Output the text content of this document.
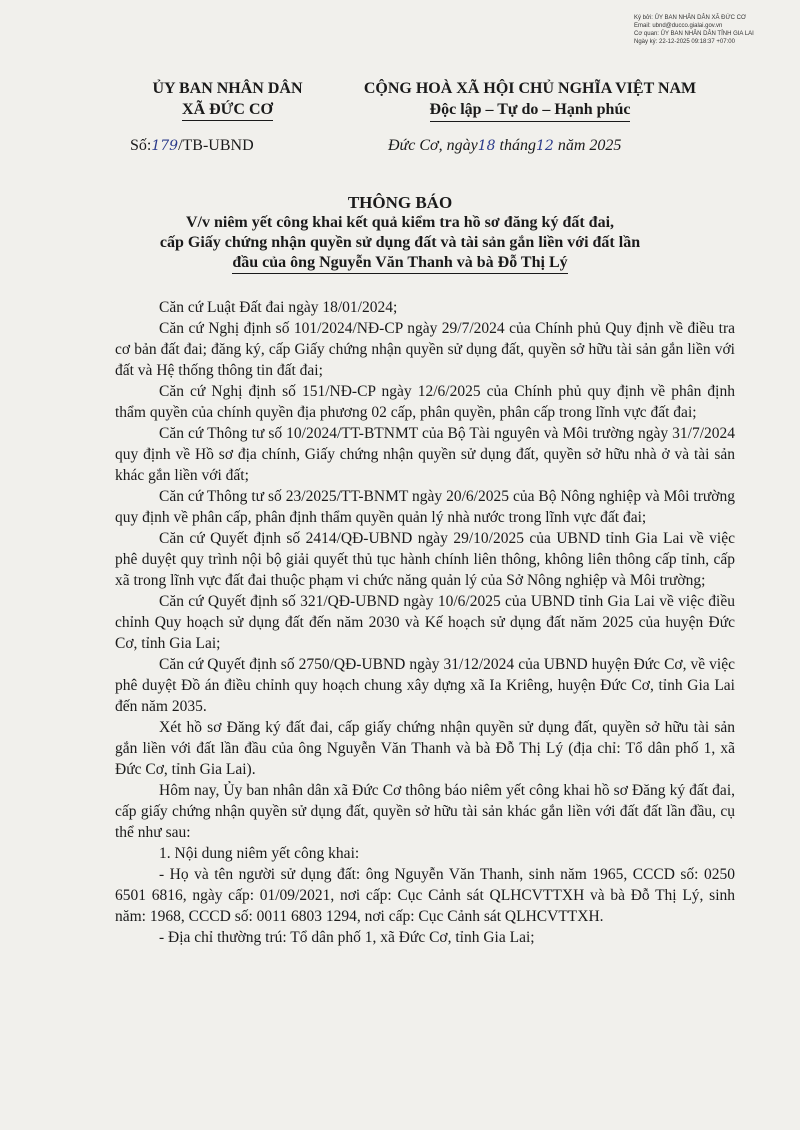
Ký bởi: ỦY BAN NHÂN DÂN XÃ ĐỨC CƠ
Email: ubnd@ducco.gialai.gov.vn
Cơ quan: ỦY BAN NHÂN DÂN TỈNH GIA LAI
Ngày ký: 22-12-2025 09:18:37 +07:00
ỦY BAN NHÂN DÂN
XÃ ĐỨC CƠ
CỘNG HOÀ XÃ HỘI CHỦ NGHĨA VIỆT NAM
Độc lập – Tự do – Hạnh phúc
Số:179/TB-UBND	Đức Cơ, ngày18 tháng12 năm 2025
THÔNG BÁO
V/v niêm yết công khai kết quả kiểm tra hồ sơ đăng ký đất đai,
cấp Giấy chứng nhận quyền sử dụng đất và tài sản gắn liền với đất lần
đầu của ông Nguyễn Văn Thanh và bà Đỗ Thị Lý

Căn cứ Luật Đất đai ngày 18/01/2024;

Căn cứ Nghị định số 101/2024/NĐ-CP ngày 29/7/2024 của Chính phủ Quy định về điều tra cơ bản đất đai; đăng ký, cấp Giấy chứng nhận quyền sử dụng đất, quyền sở hữu tài sản gắn liền với đất và Hệ thống thông tin đất đai;

Căn cứ Nghị định số 151/NĐ-CP ngày 12/6/2025 của Chính phủ quy định về phân định thẩm quyền của chính quyền địa phương 02 cấp, phân quyền, phân cấp trong lĩnh vực đất đai;

Căn cứ Thông tư số 10/2024/TT-BTNMT của Bộ Tài nguyên và Môi trường ngày 31/7/2024 quy định về Hồ sơ địa chính, Giấy chứng nhận quyền sử dụng đất, quyền sở hữu nhà ở và tài sản khác gắn liền với đất;

Căn cứ Thông tư số 23/2025/TT-BNMT ngày 20/6/2025 của Bộ Nông nghiệp và Môi trường quy định về phân cấp, phân định thẩm quyền quản lý nhà nước trong lĩnh vực đất đai;

Căn cứ Quyết định số 2414/QĐ-UBND ngày 29/10/2025 của UBND tỉnh Gia Lai về việc phê duyệt quy trình nội bộ giải quyết thủ tục hành chính liên thông, không liên thông cấp tỉnh, cấp xã trong lĩnh vực đất đai thuộc phạm vi chức năng quản lý của Sở Nông nghiệp và Môi trường;

Căn cứ Quyết định số 321/QĐ-UBND ngày 10/6/2025 của UBND tỉnh Gia Lai về việc điều chỉnh Quy hoạch sử dụng đất đến năm 2030 và Kế hoạch sử dụng đất năm 2025 của huyện Đức Cơ, tỉnh Gia Lai;

Căn cứ Quyết định số 2750/QĐ-UBND ngày 31/12/2024 của UBND huyện Đức Cơ, về việc phê duyệt Đồ án điều chỉnh quy hoạch chung xây dựng xã Ia Kriêng, huyện Đức Cơ, tỉnh Gia Lai đến năm 2035.

Xét hồ sơ Đăng ký đất đai, cấp giấy chứng nhận quyền sử dụng đất, quyền sở hữu tài sản gắn liền với đất lần đầu của ông Nguyễn Văn Thanh và bà Đỗ Thị Lý (địa chỉ: Tổ dân phố 1, xã Đức Cơ, tỉnh Gia Lai).

Hôm nay, Ủy ban nhân dân xã Đức Cơ thông báo niêm yết công khai hồ sơ Đăng ký đất đai, cấp giấy chứng nhận quyền sử dụng đất, quyền sở hữu tài sản khác gắn liền với đất đất lần đầu, cụ thể như sau:

1. Nội dung niêm yết công khai:

- Họ và tên người sử dụng đất: ông Nguyễn Văn Thanh, sinh năm 1965, CCCD số: 0250 6501 6816, ngày cấp: 01/09/2021, nơi cấp: Cục Cảnh sát QLHCVTTXH và bà Đỗ Thị Lý, sinh năm: 1968, CCCD số: 0011 6803 1294, nơi cấp: Cục Cảnh sát QLHCVTTXH.

- Địa chỉ thường trú: Tổ dân phố 1, xã Đức Cơ, tỉnh Gia Lai;
